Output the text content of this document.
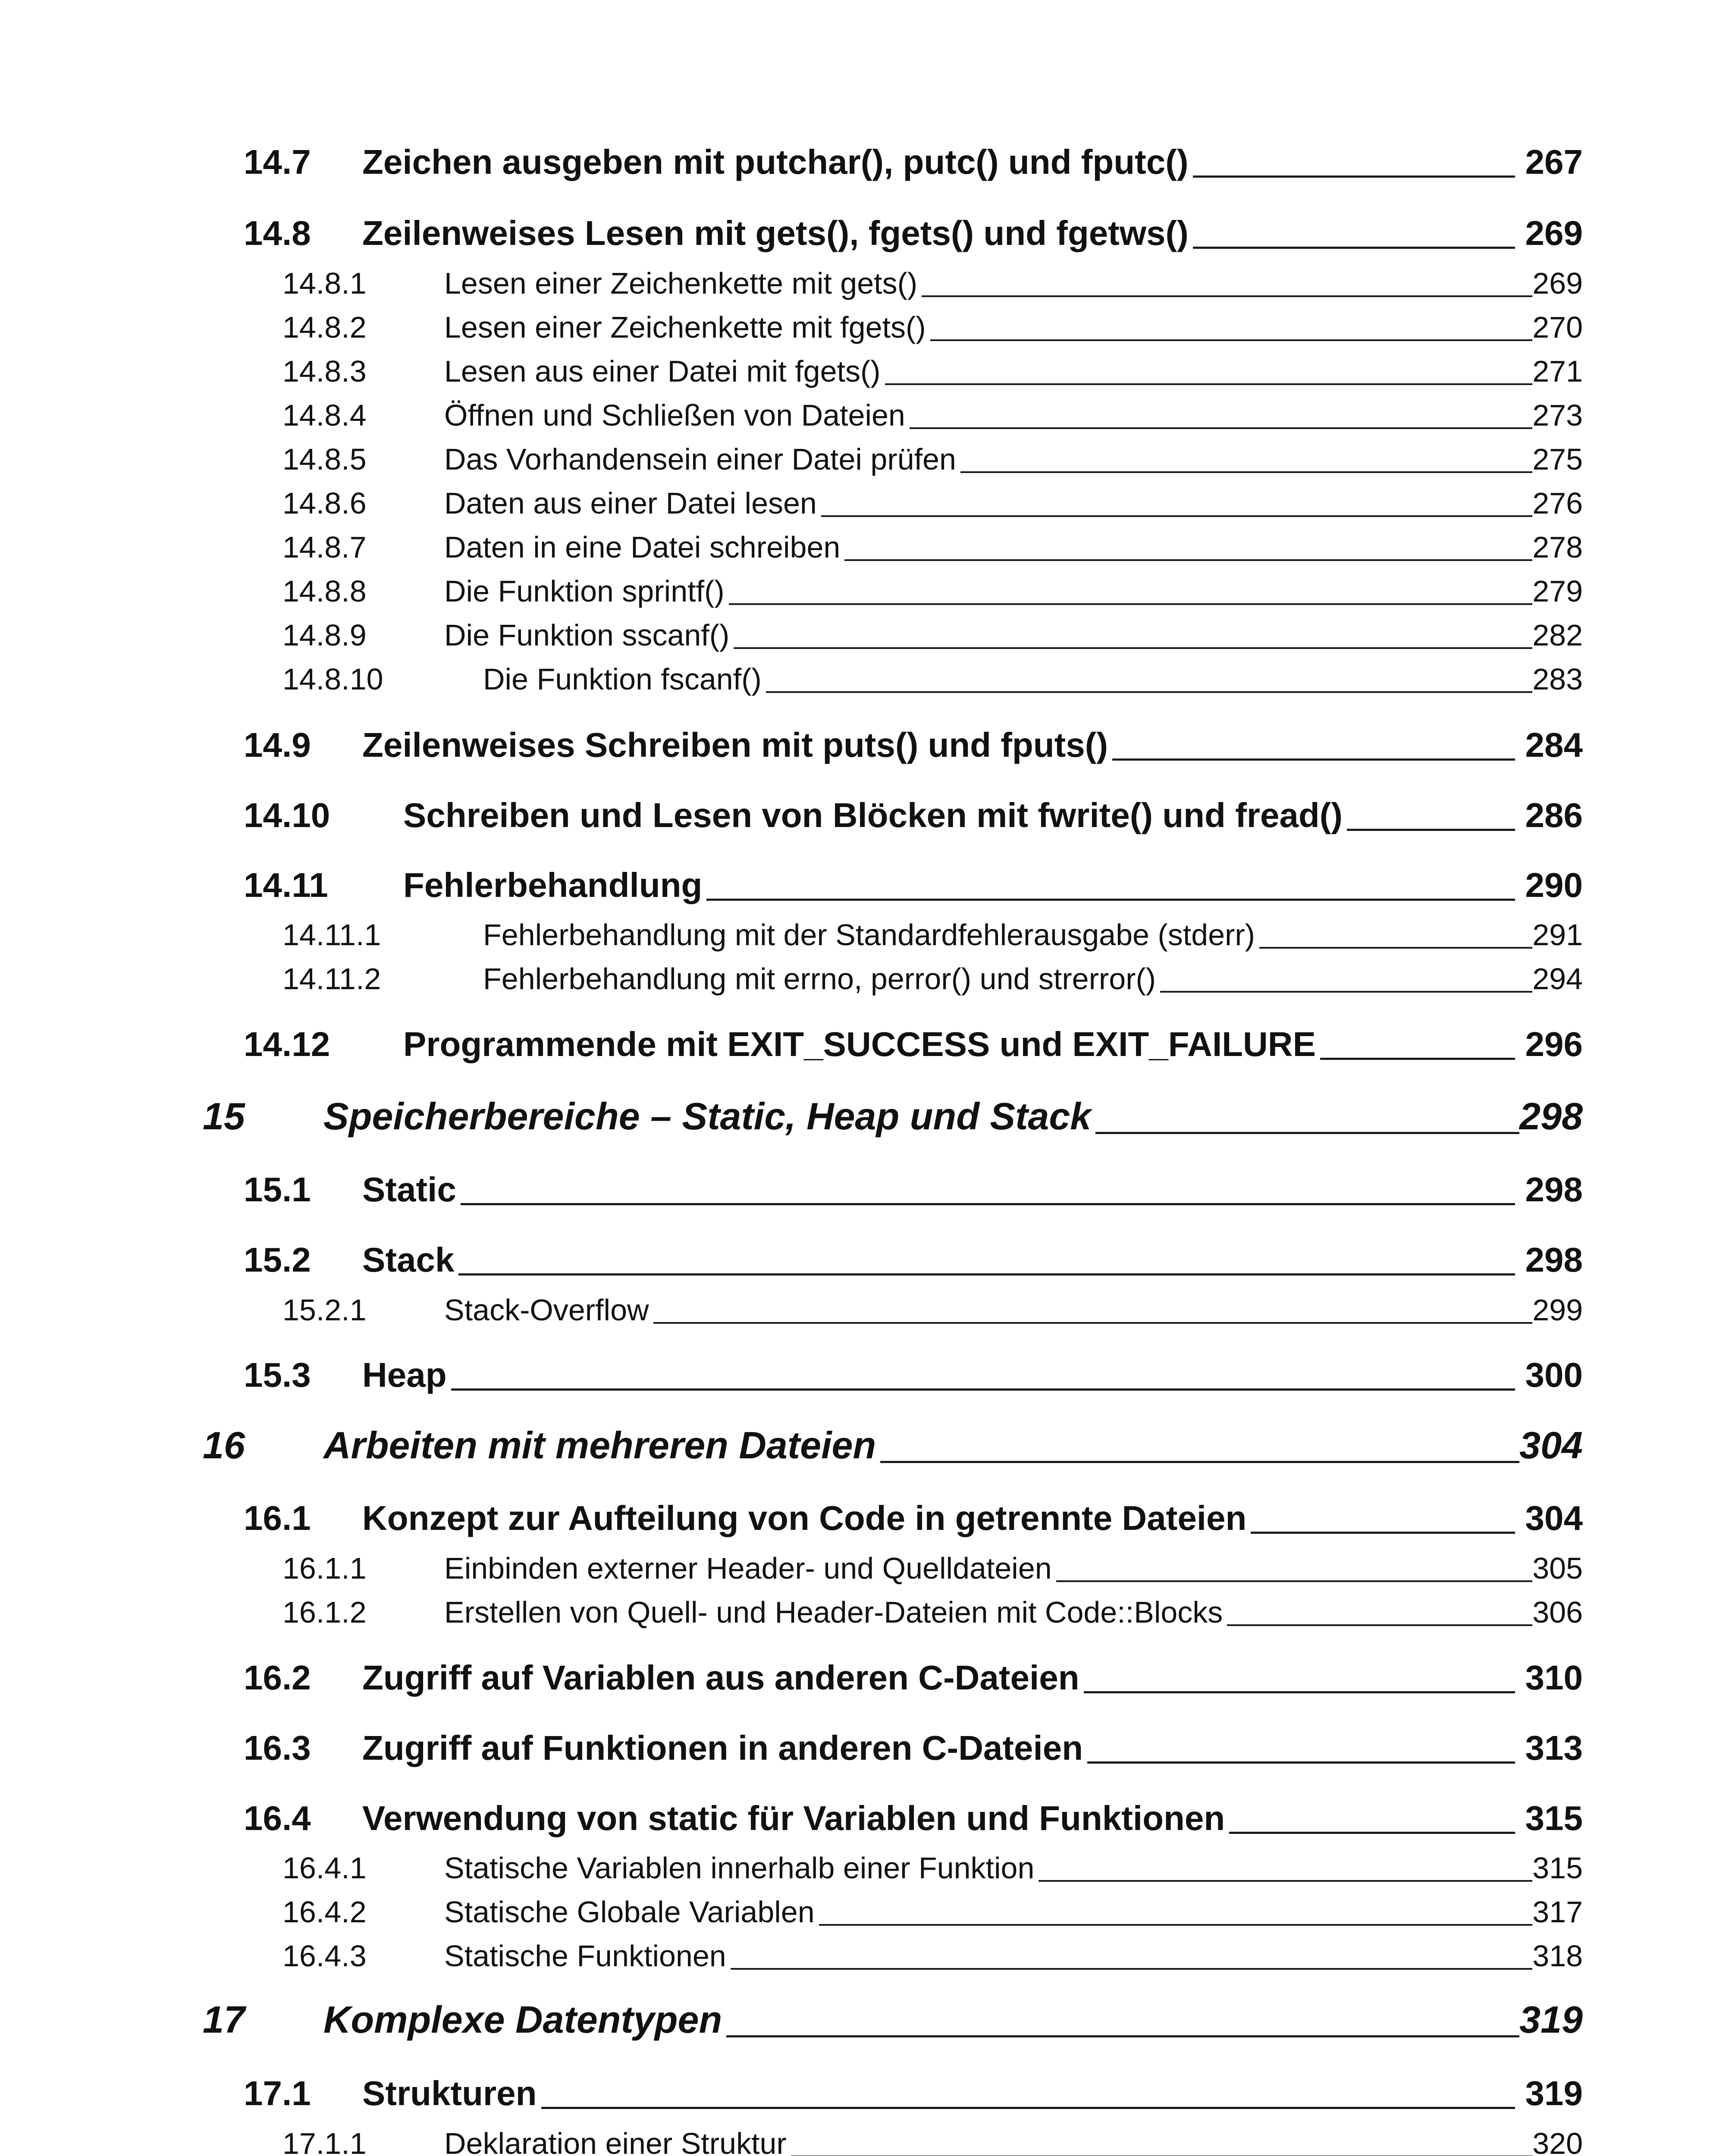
14.7	Zeichen ausgeben mit putchar(), putc() und fputc()	267
14.8	Zeilenweises Lesen mit gets(), fgets() und fgetws()	269
14.8.1	Lesen einer Zeichenkette mit gets()	269
14.8.2	Lesen einer Zeichenkette mit fgets()	270
14.8.3	Lesen aus einer Datei mit fgets()	271
14.8.4	Öffnen und Schließen von Dateien	273
14.8.5	Das Vorhandensein einer Datei prüfen	275
14.8.6	Daten aus einer Datei lesen	276
14.8.7	Daten in eine Datei schreiben	278
14.8.8	Die Funktion sprintf()	279
14.8.9	Die Funktion sscanf()	282
14.8.10	Die Funktion fscanf()	283
14.9	Zeilenweises Schreiben mit puts() und fputs()	284
14.10	Schreiben und Lesen von Blöcken mit fwrite() und fread()	286
14.11	Fehlerbehandlung	290
14.11.1	Fehlerbehandlung mit der Standardfehlerausgabe (stderr)	291
14.11.2	Fehlerbehandlung mit errno, perror() und strerror()	294
14.12	Programmende mit EXIT_SUCCESS und EXIT_FAILURE	296
15	Speicherbereiche – Static, Heap und Stack	298
15.1	Static	298
15.2	Stack	298
15.2.1	Stack-Overflow	299
15.3	Heap	300
16	Arbeiten mit mehreren Dateien	304
16.1	Konzept zur Aufteilung von Code in getrennte Dateien	304
16.1.1	Einbinden externer Header- und Quelldateien	305
16.1.2	Erstellen von Quell- und Header-Dateien mit Code::Blocks	306
16.2	Zugriff auf Variablen aus anderen C-Dateien	310
16.3	Zugriff auf Funktionen in anderen C-Dateien	313
16.4	Verwendung von static für Variablen und Funktionen	315
16.4.1	Statische Variablen innerhalb einer Funktion	315
16.4.2	Statische Globale Variablen	317
16.4.3	Statische Funktionen	318
17	Komplexe Datentypen	319
17.1	Strukturen	319
17.1.1	Deklaration einer Struktur	320
